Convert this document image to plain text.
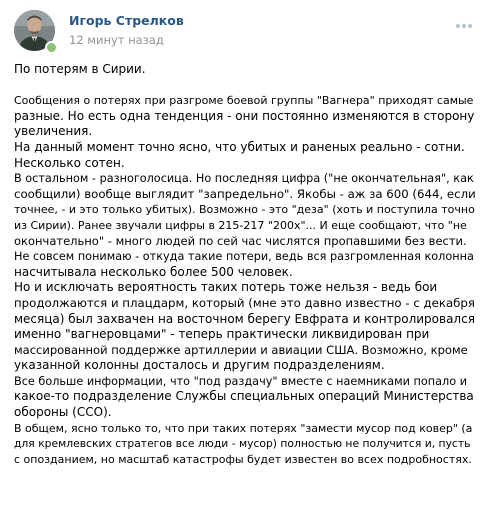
Игорь Стрелков
12 минут назад
По потерям в Сирии.
Сообщения о потерях при разгроме боевой группы "Вагнера" приходят самые
разные. Но есть одна тенденция - они постоянно изменяются в сторону
увеличения.
На данный момент точно ясно, что убитых и раненых реально - сотни.
Несколько сотен.
В остальном - разноголосица. Но последняя цифра ("не окончательная", как
сообщили) вообще выглядит "запредельно". Якобы - аж за 600 (644, если
точнее, - и это только убитых). Возможно - это "деза" (хоть и поступила точно
из Сирии). Ранее звучали цифры в 215-217 "200х"... И еще сообщают, что "не
окончательно" - много людей по сей час числятся пропавшими без вести.
Не совсем понимаю - откуда такие потери, ведь вся разгромленная колонна
насчитывала несколько более 500 человек.
Но и исключать вероятность таких потерь тоже нельзя - ведь бои
продолжаются и плацдарм, который (мне это давно известно - с декабря
месяца) был захвачен на восточном берегу Евфрата и контролировался
именно "вагнеровцами" - теперь практически ликвидирован при
массированной поддержке артиллерии и авиации США. Возможно, кроме
указанной колонны досталось и другим подразделениям.
Все больше информации, что "под раздачу" вместе с наемниками попало и
какое-то подразделение Службы специальных операций Министерства
обороны (ССО).
В общем, ясно только то, что при таких потерях "замести мусор под ковер" (а
для кремлевских стратегов все люди - мусор) полностью не получится и, пусть
с опозданием, но масштаб катастрофы будет известен во всех подробностях.
